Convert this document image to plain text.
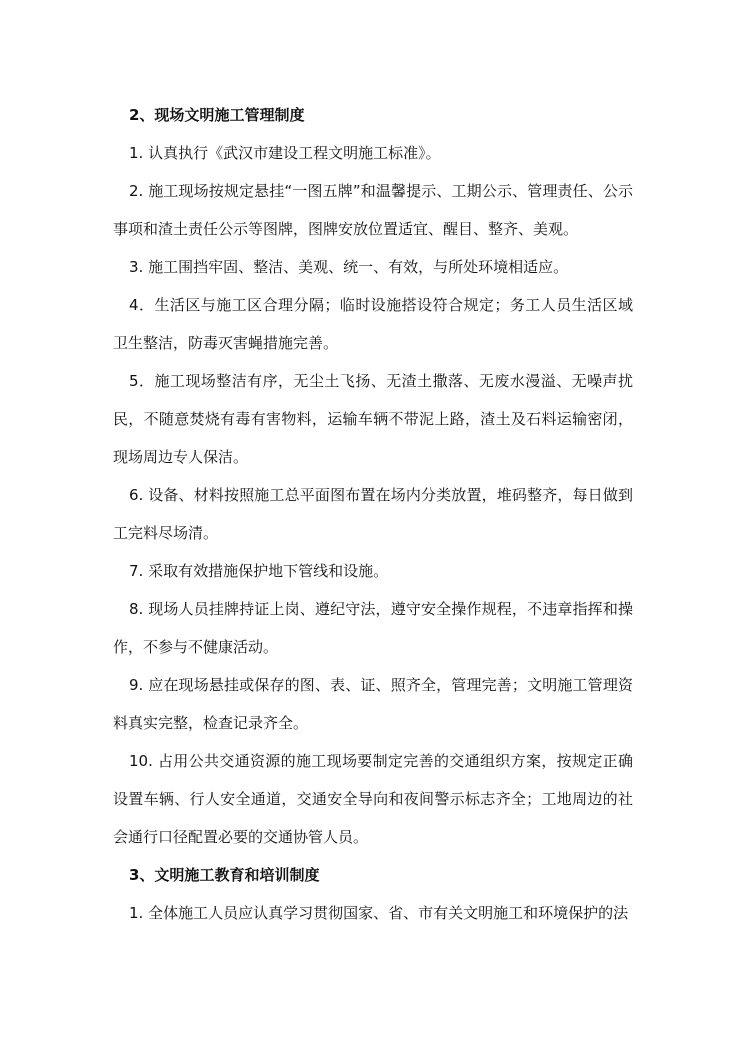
2、现场文明施工管理制度

1. 认真执行《武汉市建设工程文明施工标准》。

2. 施工现场按规定悬挂“一图五牌”和温馨提示、工期公示、管理责任、公示事项和渣土责任公示等图牌，图牌安放位置适宜、醒目、整齐、美观。

3. 施工围挡牢固、整洁、美观、统一、有效，与所处环境相适应。

4．生活区与施工区合理分隔；临时设施搭设符合规定；务工人员生活区域卫生整洁，防毒灭害蝇措施完善。

5．施工现场整洁有序，无尘土飞扬、无渣土撒落、无废水漫溢、无噪声扰民，不随意焚烧有毒有害物料，运输车辆不带泥上路，渣土及石料运输密闭，现场周边专人保洁。

6. 设备、材料按照施工总平面图布置在场内分类放置，堆码整齐，每日做到工完料尽场清。

7. 采取有效措施保护地下管线和设施。

8. 现场人员挂牌持证上岗、遵纪守法，遵守安全操作规程，不违章指挥和操作，不参与不健康活动。

9. 应在现场悬挂或保存的图、表、证、照齐全，管理完善；文明施工管理资料真实完整，检查记录齐全。

10. 占用公共交通资源的施工现场要制定完善的交通组织方案，按规定正确设置车辆、行人安全通道，交通安全导向和夜间警示标志齐全；工地周边的社会通行口径配置必要的交通协管人员。

3、文明施工教育和培训制度

1. 全体施工人员应认真学习贯彻国家、省、市有关文明施工和环境保护的法
